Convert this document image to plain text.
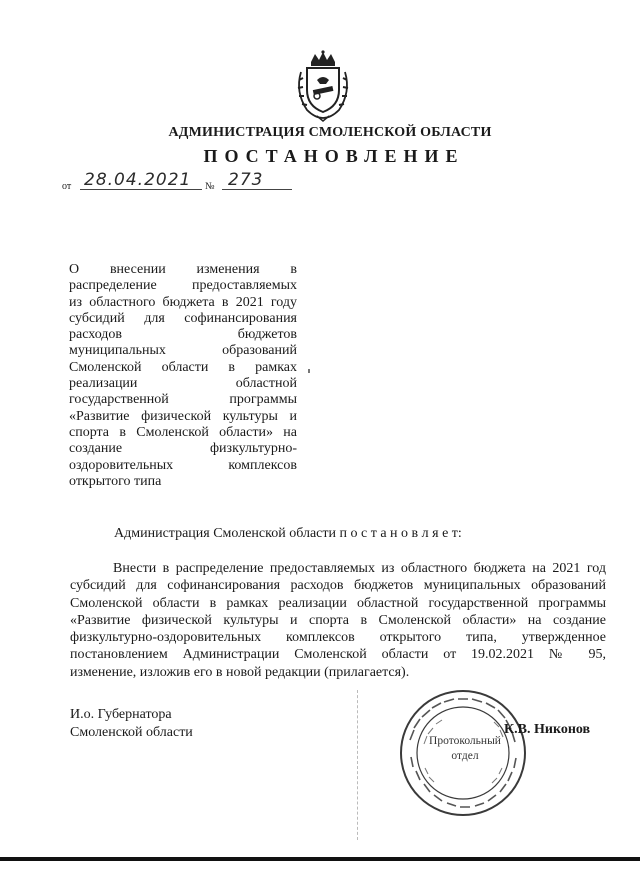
АДМИНИСТРАЦИЯ СМОЛЕНСКОЙ ОБЛАСТИ
ПОСТАНОВЛЕНИЕ
от 28.04.2021 № 273
О внесении изменения в
распределение предоставляемых
из областного бюджета в 2021 году
субсидий для софинансирования
расходов бюджетов
муниципальных образований
Смоленской области в рамках
реализации областной
государственной программы
«Развитие физической культуры и
спорта в Смоленской области» на
создание физкультурно-
оздоровительных комплексов
открытого типа
Администрация Смоленской области п о с т а н о в л я е т:
Внести в распределение предоставляемых из областного бюджета на 2021 год
субсидий для софинансирования расходов бюджетов муниципальных образований
Смоленской области в рамках реализации областной государственной программы
«Развитие физической культуры и спорта в Смоленской области» на создание
физкультурно-оздоровительных комплексов открытого типа, утвержденное
постановлением Администрации Смоленской области от 19.02.2021 № 95,
изменение, изложив его в новой редакции (прилагается).
И.о. Губернатора
Смоленской области
Протокольный
отдел
К.В. Никонов
